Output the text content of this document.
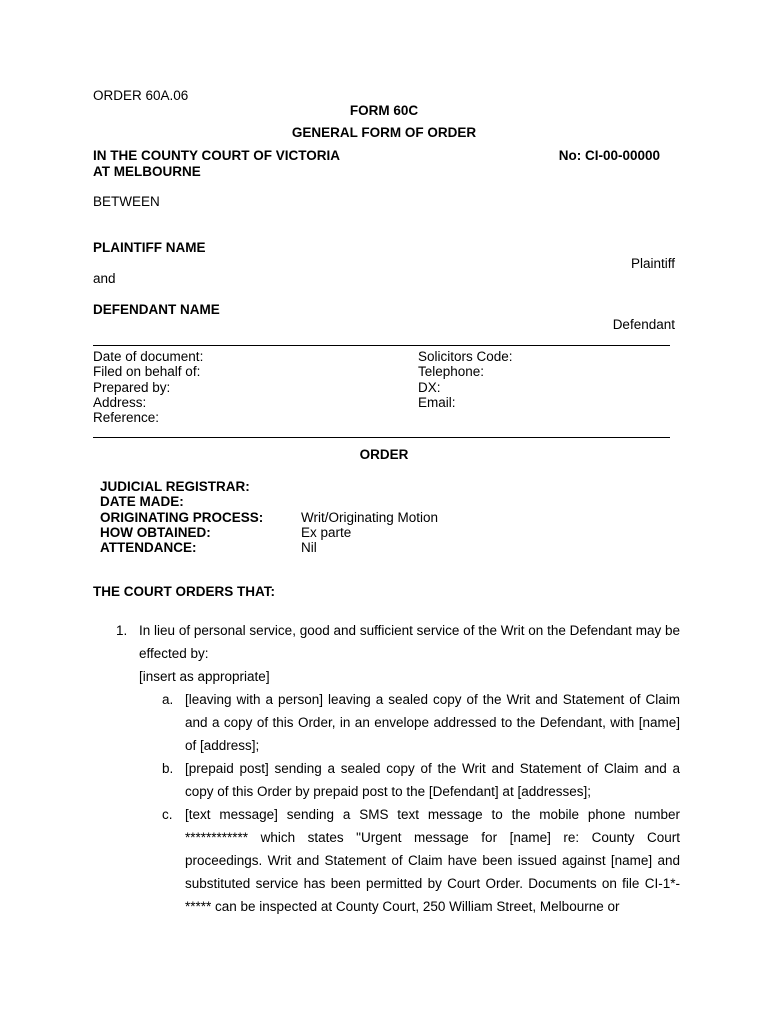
ORDER 60A.06
FORM 60C
GENERAL FORM OF ORDER
IN THE COUNTY COURT OF VICTORIA
AT MELBOURNE
No: CI-00-00000
BETWEEN
PLAINTIFF NAME
Plaintiff
and
DEFENDANT NAME
Defendant
Date of document:
Filed on behalf of:
Prepared by:
Address:
Reference:
Solicitors Code:
Telephone:
DX:
Email:
ORDER
JUDICIAL REGISTRAR:
DATE MADE:
ORIGINATING PROCESS:
HOW OBTAINED:
ATTENDANCE:
Writ/Originating Motion
Ex parte
Nil
THE COURT ORDERS THAT:
1. In lieu of personal service, good and sufficient service of the Writ on the Defendant may be effected by:
[insert as appropriate]
a. [leaving with a person] leaving a sealed copy of the Writ and Statement of Claim and a copy of this Order, in an envelope addressed to the Defendant, with [name] of [address];
b. [prepaid post] sending a sealed copy of the Writ and Statement of Claim and a copy of this Order by prepaid post to the [Defendant] at [addresses];
c. [text message] sending a SMS text message to the mobile phone number ************ which states "Urgent message for [name] re: County Court proceedings. Writ and Statement of Claim have been issued against [name] and substituted service has been permitted by Court Order. Documents on file CI-1*-***** can be inspected at County Court, 250 William Street, Melbourne or
